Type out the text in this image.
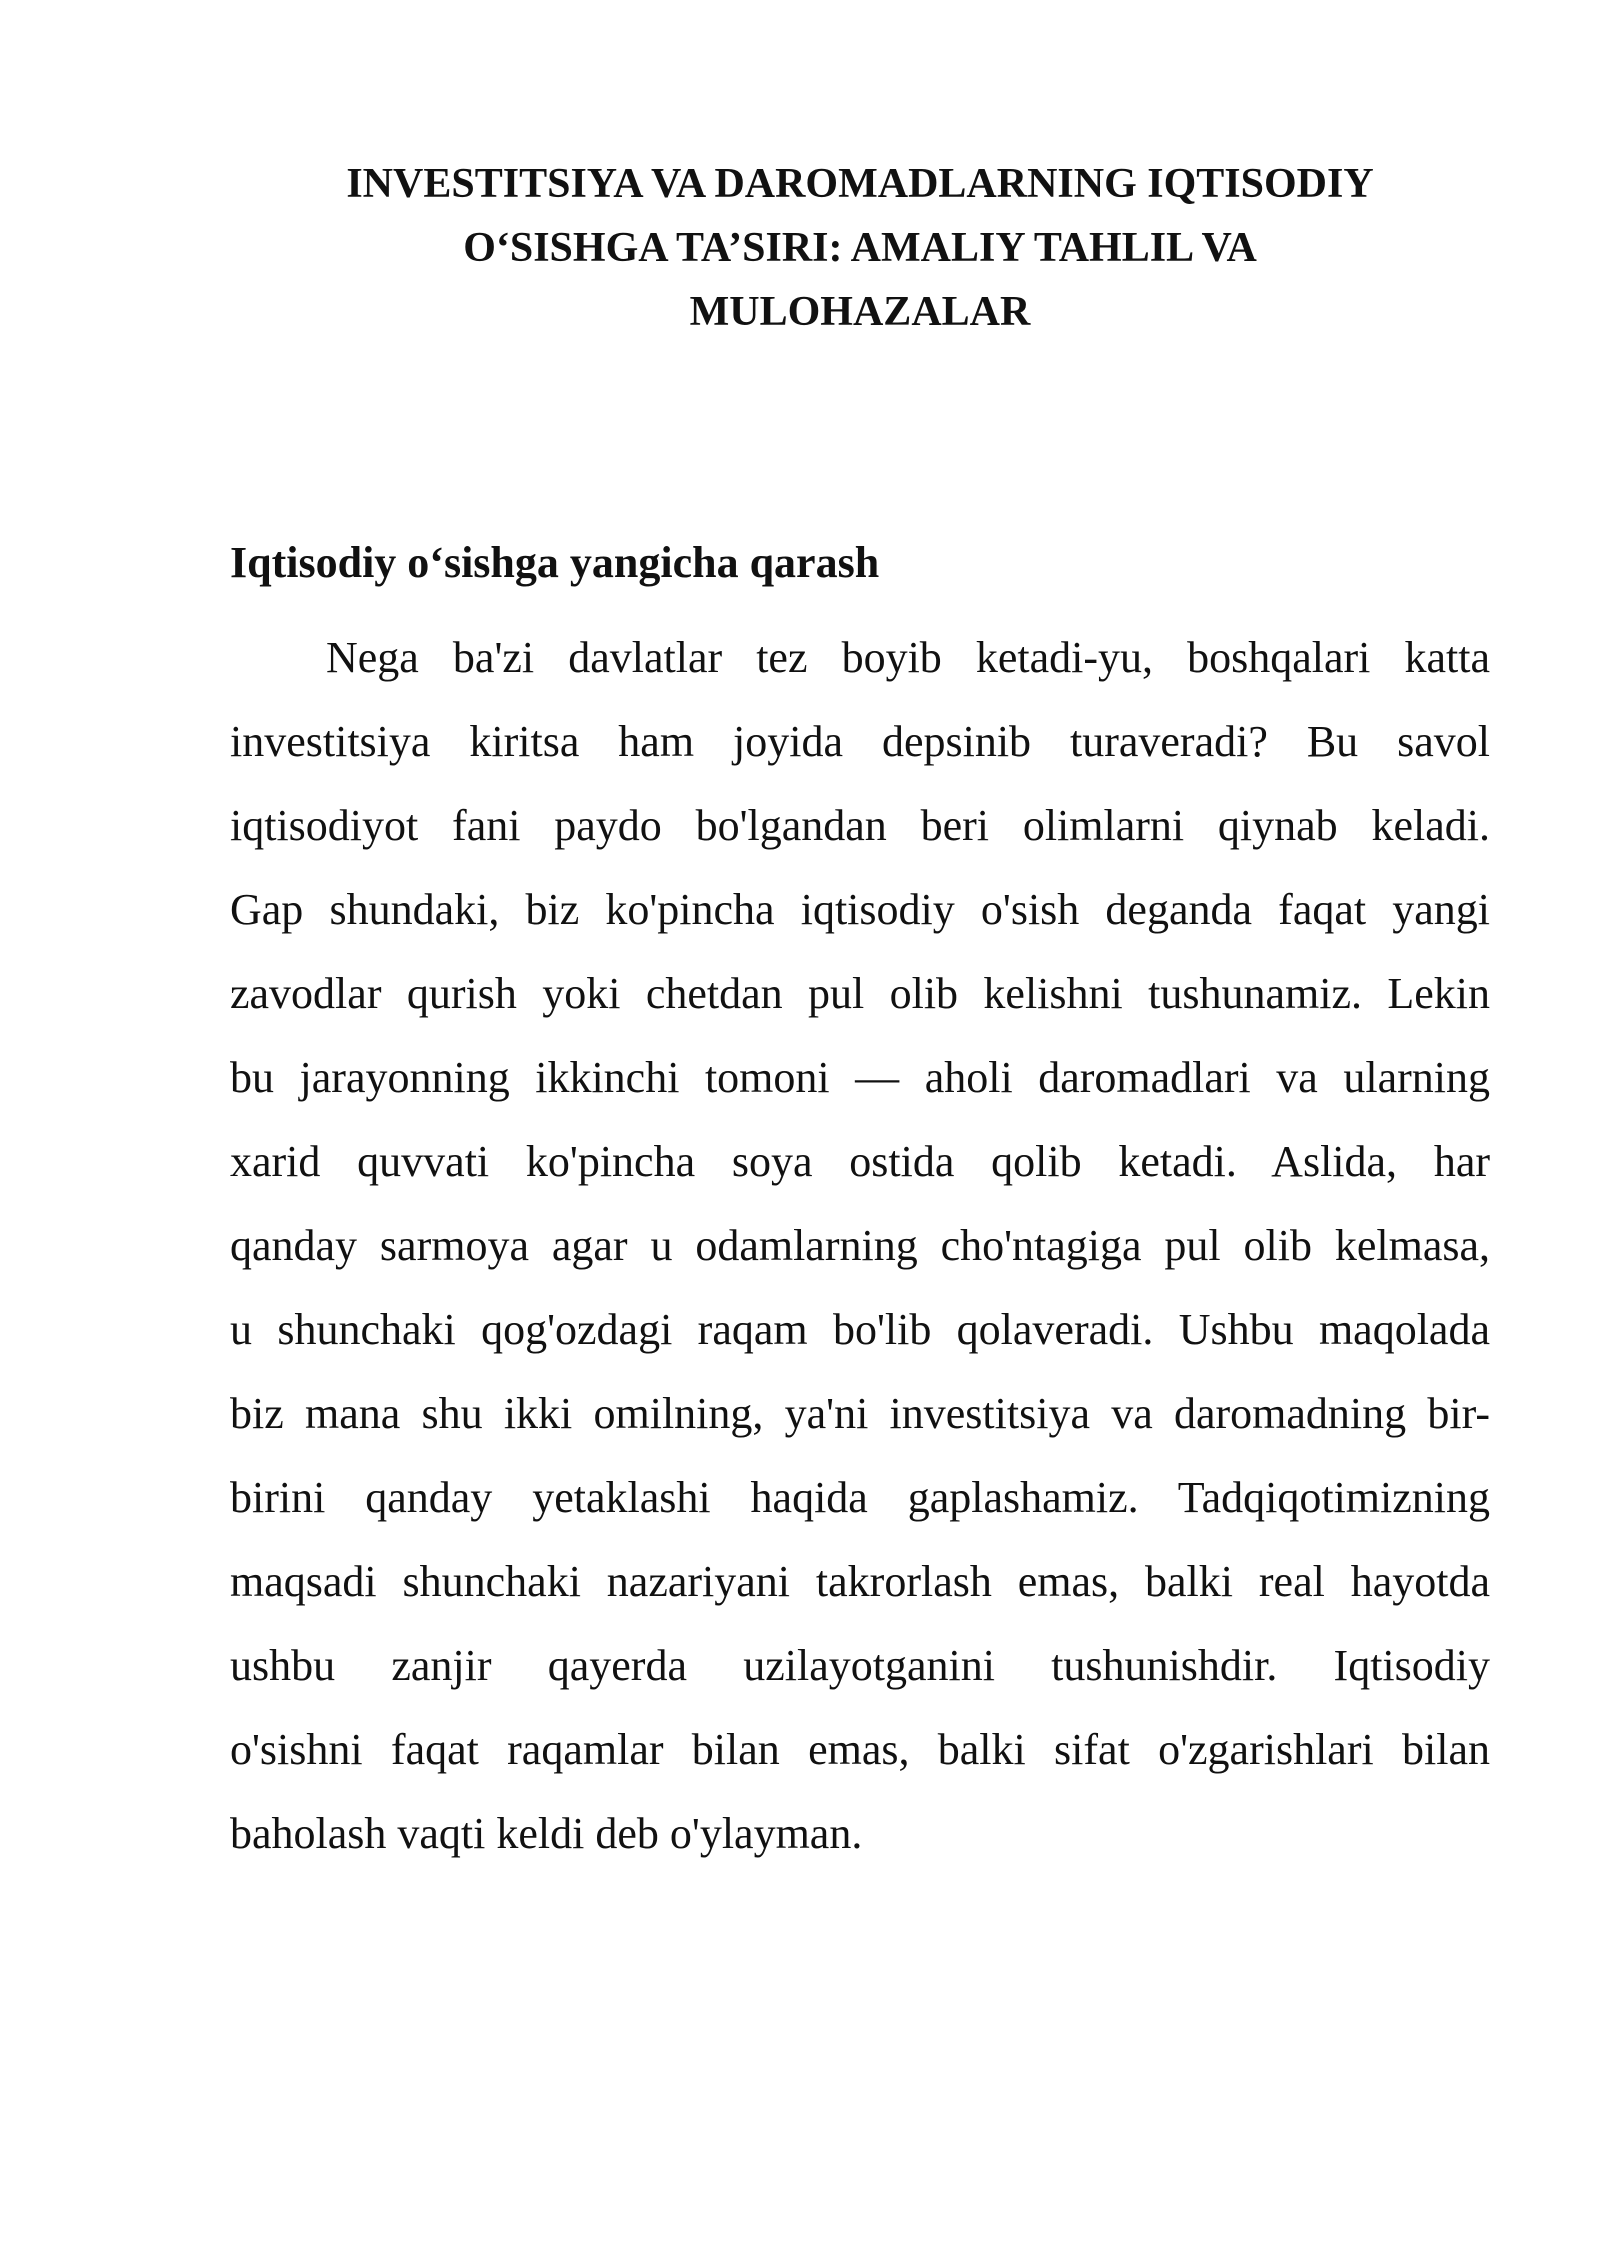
INVESTITSIYA VA DAROMADLARNING IQTISODIY
O‘SISHGA TA’SIRI: AMALIY TAHLIL VA
MULOHAZALAR
Iqtisodiy o‘sishga yangicha qarash
Nega ba'zi davlatlar tez boyib ketadi-yu, boshqalari katta
investitsiya kiritsa ham joyida depsinib turaveradi? Bu savol
iqtisodiyot fani paydo bo'lgandan beri olimlarni qiynab keladi.
Gap shundaki, biz ko'pincha iqtisodiy o'sish deganda faqat yangi
zavodlar qurish yoki chetdan pul olib kelishni tushunamiz. Lekin
bu jarayonning ikkinchi tomoni — aholi daromadlari va ularning
xarid quvvati ko'pincha soya ostida qolib ketadi. Aslida, har
qanday sarmoya agar u odamlarning cho'ntagiga pul olib kelmasa,
u shunchaki qog'ozdagi raqam bo'lib qolaveradi. Ushbu maqolada
biz mana shu ikki omilning, ya'ni investitsiya va daromadning bir-
birini qanday yetaklashi haqida gaplashamiz. Tadqiqotimizning
maqsadi shunchaki nazariyani takrorlash emas, balki real hayotda
ushbu zanjir qayerda uzilayotganini tushunishdir. Iqtisodiy
o'sishni faqat raqamlar bilan emas, balki sifat o'zgarishlari bilan
baholash vaqti keldi deb o'ylayman.
